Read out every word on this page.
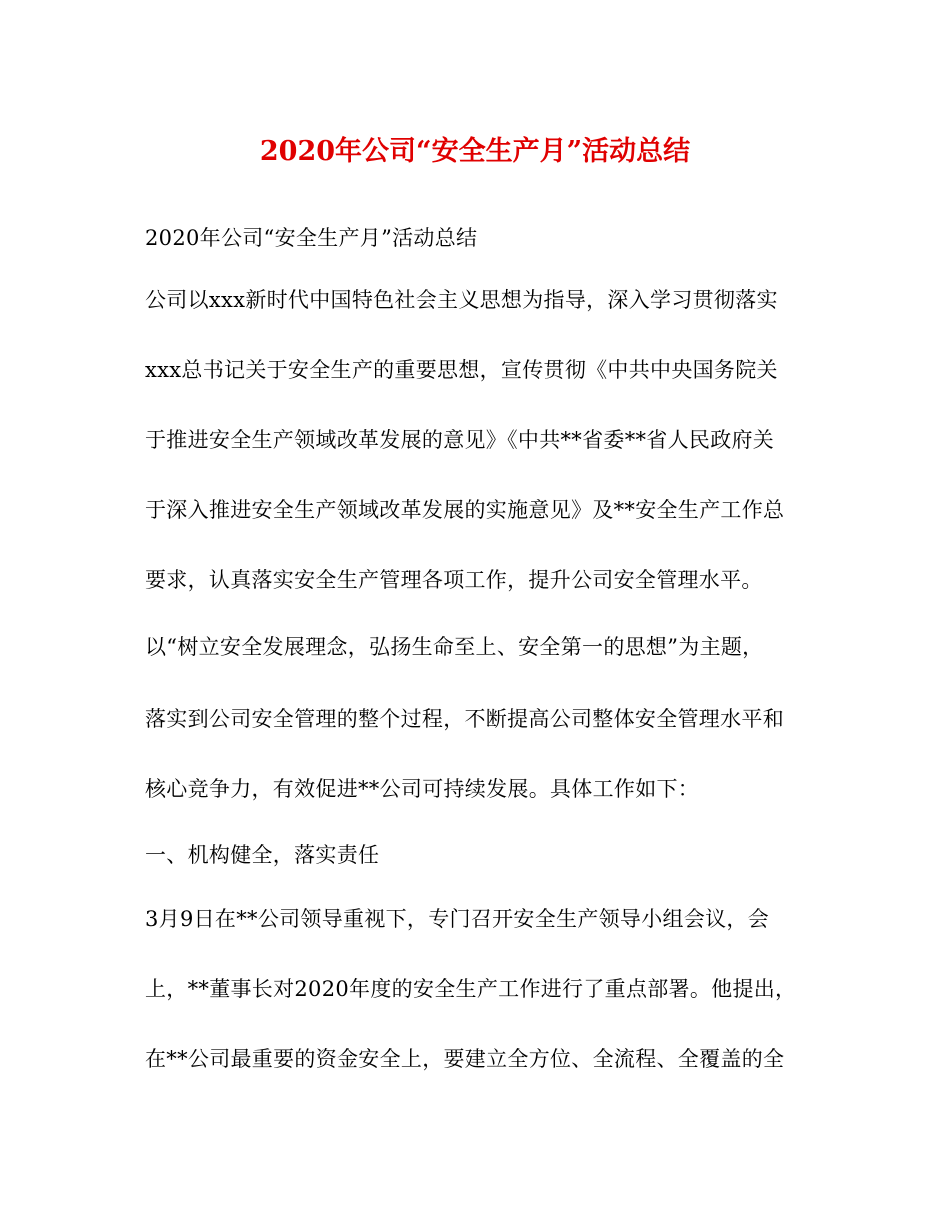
2020年公司“安全生产月”活动总结
2020年公司“安全生产月”活动总结
公司以xxx新时代中国特色社会主义思想为指导，深入学习贯彻落实
xxx总书记关于安全生产的重要思想，宣传贯彻《中共中央国务院关
于推进安全生产领域改革发展的意见》《中共**省委**省人民政府关
于深入推进安全生产领域改革发展的实施意见》及**安全生产工作总
要求，认真落实安全生产管理各项工作，提升公司安全管理水平。
以“树立安全发展理念，弘扬生命至上、安全第一的思想”为主题，
落实到公司安全管理的整个过程，不断提高公司整体安全管理水平和
核心竞争力，有效促进**公司可持续发展。具体工作如下：
一、机构健全，落实责任
3月9日在**公司领导重视下，专门召开安全生产领导小组会议，会
上，**董事长对2020年度的安全生产工作进行了重点部署。他提出，
在**公司最重要的资金安全上，要建立全方位、全流程、全覆盖的全
